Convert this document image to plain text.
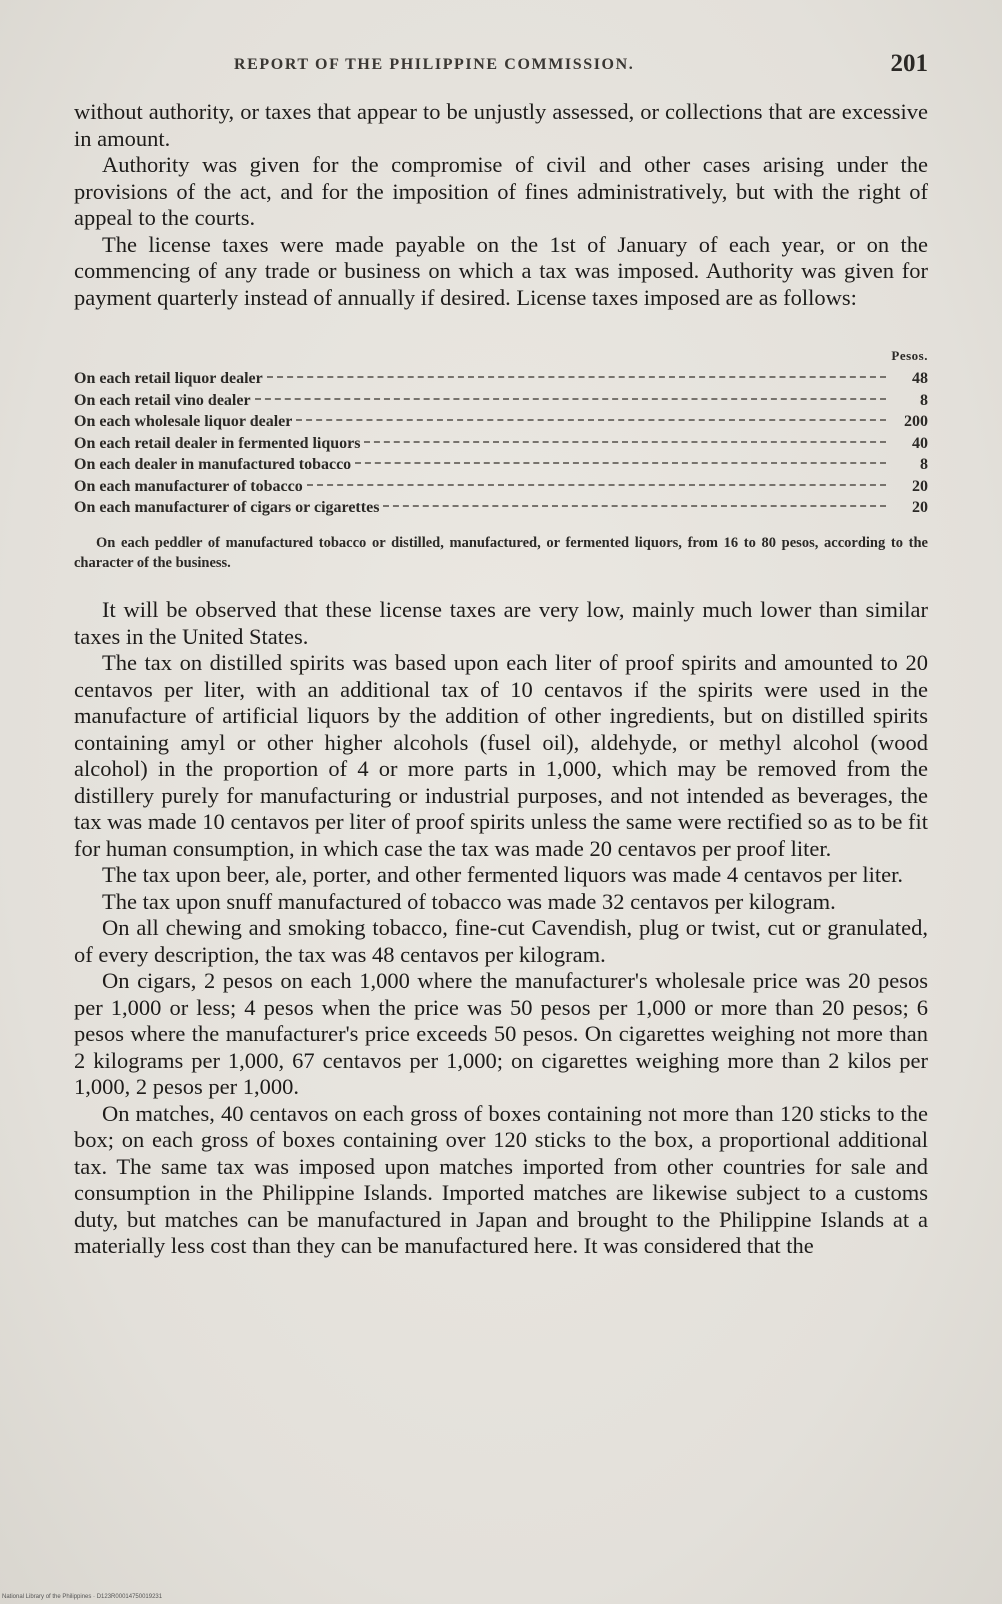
REPORT OF THE PHILIPPINE COMMISSION.	201

without authority, or taxes that appear to be unjustly assessed, or collections that are excessive in amount.

Authority was given for the compromise of civil and other cases arising under the provisions of the act, and for the imposition of fines administratively, but with the right of appeal to the courts.

The license taxes were made payable on the 1st of January of each year, or on the commencing of any trade or business on which a tax was imposed. Authority was given for payment quarterly instead of annually if desired. License taxes imposed are as follows:

Pesos.
On each retail liquor dealer	48
On each retail vino dealer	8
On each wholesale liquor dealer	200
On each retail dealer in fermented liquors	40
On each dealer in manufactured tobacco	8
On each manufacturer of tobacco	20
On each manufacturer of cigars or cigarettes	20
On each peddler of manufactured tobacco or distilled, manufactured, or fermented liquors, from 16 to 80 pesos, according to the character of the business.

It will be observed that these license taxes are very low, mainly much lower than similar taxes in the United States.

The tax on distilled spirits was based upon each liter of proof spirits and amounted to 20 centavos per liter, with an additional tax of 10 centavos if the spirits were used in the manufacture of artificial liquors by the addition of other ingredients, but on distilled spirits containing amyl or other higher alcohols (fusel oil), aldehyde, or methyl alcohol (wood alcohol) in the proportion of 4 or more parts in 1,000, which may be removed from the distillery purely for manufacturing or industrial purposes, and not intended as beverages, the tax was made 10 centavos per liter of proof spirits unless the same were rectified so as to be fit for human consumption, in which case the tax was made 20 centavos per proof liter.

The tax upon beer, ale, porter, and other fermented liquors was made 4 centavos per liter.

The tax upon snuff manufactured of tobacco was made 32 centavos per kilogram.

On all chewing and smoking tobacco, fine-cut Cavendish, plug or twist, cut or granulated, of every description, the tax was 48 centavos per kilogram.

On cigars, 2 pesos on each 1,000 where the manufacturer's wholesale price was 20 pesos per 1,000 or less; 4 pesos when the price was 50 pesos per 1,000 or more than 20 pesos; 6 pesos where the manufacturer's price exceeds 50 pesos. On cigarettes weighing not more than 2 kilograms per 1,000, 67 centavos per 1,000; on cigarettes weighing more than 2 kilos per 1,000, 2 pesos per 1,000.

On matches, 40 centavos on each gross of boxes containing not more than 120 sticks to the box; on each gross of boxes containing over 120 sticks to the box, a proportional additional tax. The same tax was imposed upon matches imported from other countries for sale and consumption in the Philippine Islands. Imported matches are likewise subject to a customs duty, but matches can be manufactured in Japan and brought to the Philippine Islands at a materially less cost than they can be manufactured here. It was considered that the

National Library of the Philippines · D123R00014750019231
